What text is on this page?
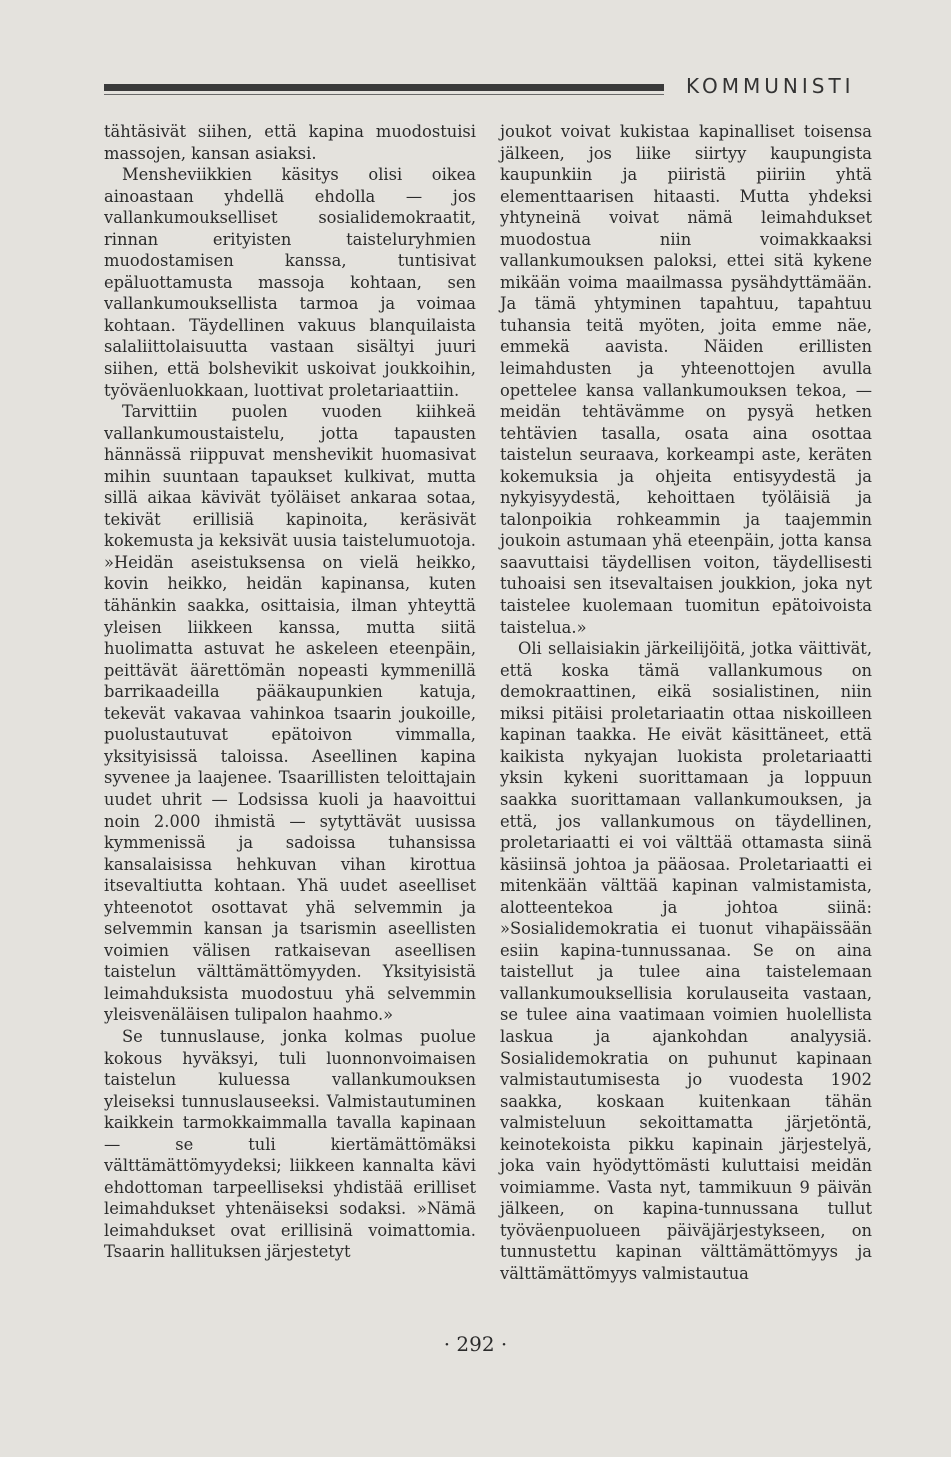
KOMMUNISTI

tähtäsivät siihen, että kapina muodostuisi massojen, kansan asiaksi.

Mensheviikkien käsitys olisi oikea ainoastaan yhdellä ehdolla — jos vallankumoukselliset sosialidemokraatit, rinnan erityisten taisteluryhmien muodostamisen kanssa, tuntisivat epäluottamusta massoja kohtaan, sen vallankumouksellista tarmoa ja voimaa kohtaan. Täydellinen vakuus blanquilaista salaliittolaisuutta vastaan sisältyi juuri siihen, että bolshevikit uskoivat joukkoihin, työväenluokkaan, luottivat proletariaattiin.

Tarvittiin puolen vuoden kiihkeä vallankumoustaistelu, jotta tapausten hännässä riippuvat menshevikit huomasivat mihin suuntaan tapaukset kulkivat, mutta sillä aikaa kävivät työläiset ankaraa sotaa, tekivät erillisiä kapinoita, keräsivät kokemusta ja keksivät uusia taistelumuotoja. »Heidän aseistuksensa on vielä heikko, kovin heikko, heidän kapinansa, kuten tähänkin saakka, osittaisia, ilman yhteyttä yleisen liikkeen kanssa, mutta siitä huolimatta astuvat he askeleen eteenpäin, peittävät äärettömän nopeasti kymmenillä barrikaadeilla pääkaupunkien katuja, tekevät vakavaa vahinkoa tsaarin joukoille, puolustautuvat epätoivon vimmalla, yksityisissä taloissa. Aseellinen kapina syvenee ja laajenee. Tsaarillisten teloittajain uudet uhrit — Lodsissa kuoli ja haavoittui noin 2.000 ihmistä — sytyttävät uusissa kymmenissä ja sadoissa tuhansissa kansalaisissa hehkuvan vihan kirottua itsevaltiutta kohtaan. Yhä uudet aseelliset yhteenotot osottavat yhä selvemmin ja selvemmin kansan ja tsarismin aseellisten voimien välisen ratkaisevan aseellisen taistelun välttämättömyyden. Yksityisistä leimahduksista muodostuu yhä selvemmin yleisvenäläisen tulipalon haahmo.»

Se tunnuslause, jonka kolmas puolue kokous hyväksyi, tuli luonnonvoimaisen taistelun kuluessa vallankumouksen yleiseksi tunnuslauseeksi. Valmistautuminen kaikkein tarmokkaimmalla tavalla kapinaan — se tuli kiertämättömäksi välttämättömyydeksi; liikkeen kannalta kävi ehdottoman tarpeelliseksi yhdistää erilliset leimahdukset yhtenäiseksi sodaksi. »Nämä leimahdukset ovat erillisinä voimattomia. Tsaarin hallituksen järjestetyt

joukot voivat kukistaa kapinalliset toisensa jälkeen, jos liike siirtyy kaupungista kaupunkiin ja piiristä piiriin yhtä elementtaarisen hitaasti. Mutta yhdeksi yhtyneinä voivat nämä leimahdukset muodostua niin voimakkaaksi vallankumouksen paloksi, ettei sitä kykene mikään voima maailmassa pysähdyttämään. Ja tämä yhtyminen tapahtuu, tapahtuu tuhansia teitä myöten, joita emme näe, emmekä aavista. Näiden erillisten leimahdusten ja yhteenottojen avulla opettelee kansa vallankumouksen tekoa, — meidän tehtävämme on pysyä hetken tehtävien tasalla, osata aina osottaa taistelun seuraava, korkeampi aste, keräten kokemuksia ja ohjeita entisyydestä ja nykyisyydestä, kehoittaen työläisiä ja talonpoikia rohkeammin ja taajemmin joukoin astumaan yhä eteenpäin, jotta kansa saavuttaisi täydellisen voiton, täydellisesti tuhoaisi sen itsevaltaisen joukkion, joka nyt taistelee kuolemaan tuomitun epätoivoista taistelua.»

Oli sellaisiakin järkeilijöitä, jotka väittivät, että koska tämä vallankumous on demokraattinen, eikä sosialistinen, niin miksi pitäisi proletariaatin ottaa niskoilleen kapinan taakka. He eivät käsittäneet, että kaikista nykyajan luokista proletariaatti yksin kykeni suorittamaan ja loppuun saakka suorittamaan vallankumouksen, ja että, jos vallankumous on täydellinen, proletariaatti ei voi välttää ottamasta siinä käsiinsä johtoa ja pääosaa. Proletariaatti ei mitenkään välttää kapinan valmistamista, alotteentekoa ja johtoa siinä: »Sosialidemokratia ei tuonut vihapäissään esiin kapina-tunnussanaa. Se on aina taistellut ja tulee aina taistelemaan vallankumouksellisia korulauseita vastaan, se tulee aina vaatimaan voimien huolellista laskua ja ajankohdan analyysiä. Sosialidemokratia on puhunut kapinaan valmistautumisesta jo vuodesta 1902 saakka, koskaan kuitenkaan tähän valmisteluun sekoittamatta järjetöntä, keinotekoista pikku kapinain järjestelyä, joka vain hyödyttömästi kuluttaisi meidän voimiamme. Vasta nyt, tammikuun 9 päivän jälkeen, on kapina-tunnussana tullut työväenpuolueen päiväjärjestykseen, on tunnustettu kapinan välttämättömyys ja välttämättömyys valmistautua

· 292 ·
